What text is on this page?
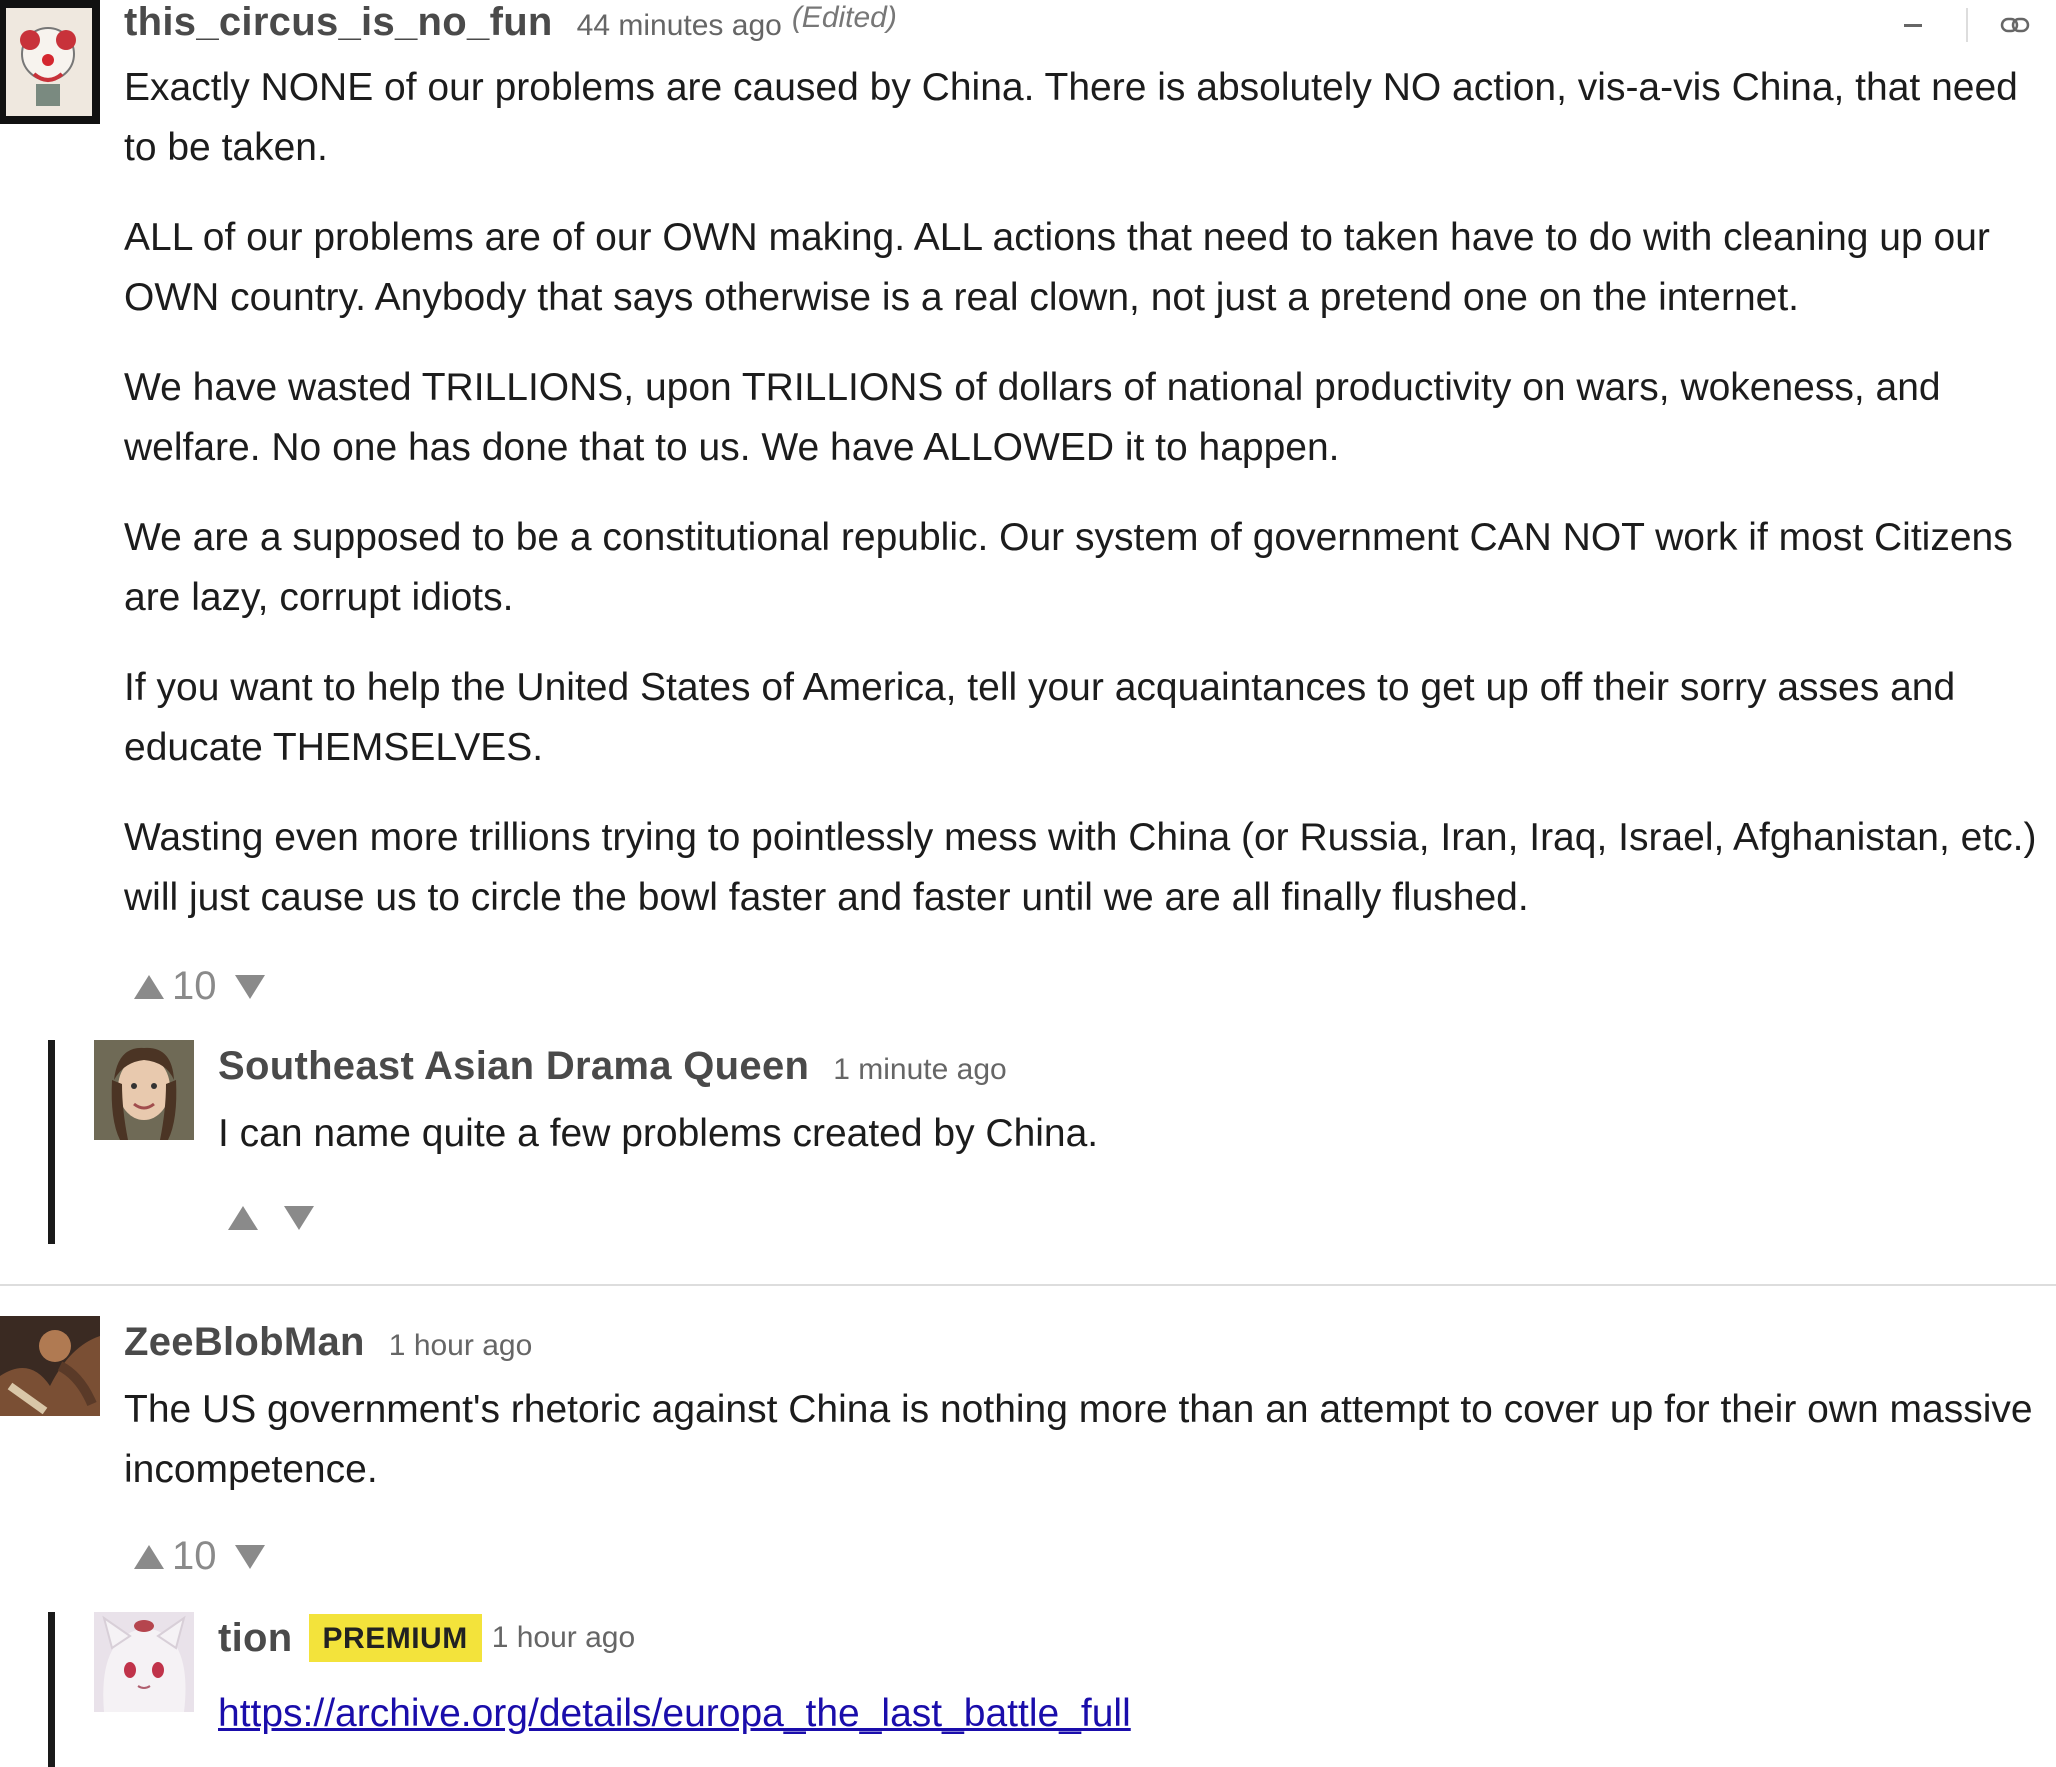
this_circus_is_no_fun 44 minutes ago (Edited)

Exactly NONE of our problems are caused by China. There is absolutely NO action, vis-a-vis China, that need to be taken.

ALL of our problems are of our OWN making. ALL actions that need to taken have to do with cleaning up our OWN country. Anybody that says otherwise is a real clown, not just a pretend one on the internet.

We have wasted TRILLIONS, upon TRILLIONS of dollars of national productivity on wars, wokeness, and welfare. No one has done that to us. We have ALLOWED it to happen.

We are a supposed to be a constitutional republic. Our system of government CAN NOT work if most Citizens are lazy, corrupt idiots.

If you want to help the United States of America, tell your acquaintances to get up off their sorry asses and educate THEMSELVES.

Wasting even more trillions trying to pointlessly mess with China (or Russia, Iran, Iraq, Israel, Afghanistan, etc.) will just cause us to circle the bowl faster and faster until we are all finally flushed.

10
Southeast Asian Drama Queen 1 minute ago

I can name quite a few problems created by China.

ZeeBlobMan 1 hour ago

The US government's rhetoric against China is nothing more than an attempt to cover up for their own massive incompetence.

10
tion	PREMIUM 1 hour ago
https://archive.org/details/europa_the_last_battle_full
